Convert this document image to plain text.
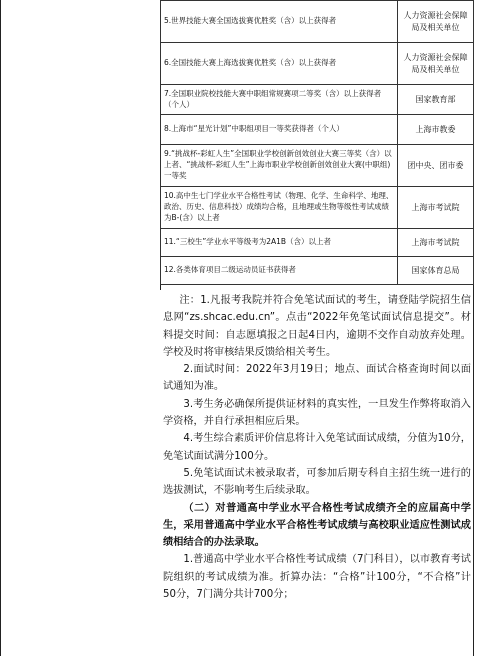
5.世界技能大赛全国选拔赛优胜奖（含）以上获得者	人力资源社会保障局及相关单位
6.全国技能大赛上海选拔赛优胜奖（含）以上获得者	人力资源社会保障局及相关单位
7.全国职业院校技能大赛中职组常规赛项二等奖（含）以上获得者（个人）	国家教育部
8.上海市“星光计划”中职组项目一等奖获得者（个人）	上海市教委
9.“挑战杯-彩虹人生”全国职业学校创新创效创业大赛三等奖（含）以上者、“挑战杯-彩虹人生”上海市职业学校创新创效创业大赛(中职组)一等奖	团中央、团市委
10.高中生七门学业水平合格性考试（物理、化学、生命科学、地理、政治、历史、信息科技）成绩均合格，且地理或生物等级性考试成绩为B-(含）以上者	上海市考试院
11.“三校生”学业水平等级考为2A1B（含）以上者	上海市考试院
12.各类体育项目二级运动员证书获得者	国家体育总局

注：1.凡报考我院并符合免笔试面试的考生，请登陆学院招生信息网“zs.shcac.edu.cn”。点击“2022年免笔试面试信息提交”。材料提交时间：自志愿填报之日起4日内，逾期不交作自动放弃处理。学校及时将审核结果反馈给相关考生。

2.面试时间：2022年3月19日；地点、面试合格查询时间以面试通知为准。

3.考生务必确保所提供证材料的真实性，一旦发生作弊将取消入学资格，并自行承担相应后果。

4.考生综合素质评价信息将计入免笔试面试成绩，分值为10分，免笔试面试满分100分。

5.免笔试面试未被录取者，可参加后期专科自主招生统一进行的选拔测试，不影响考生后续录取。

（二）对普通高中学业水平合格性考试成绩齐全的应届高中学生，采用普通高中学业水平合格性考试成绩与高校职业适应性测试成绩相结合的办法录取。

1.普通高中学业水平合格性考试成绩（7门科目），以市教育考试院组织的考试成绩为准。折算办法：“合格”计100分，“不合格”计50分，7门满分共计700分；
